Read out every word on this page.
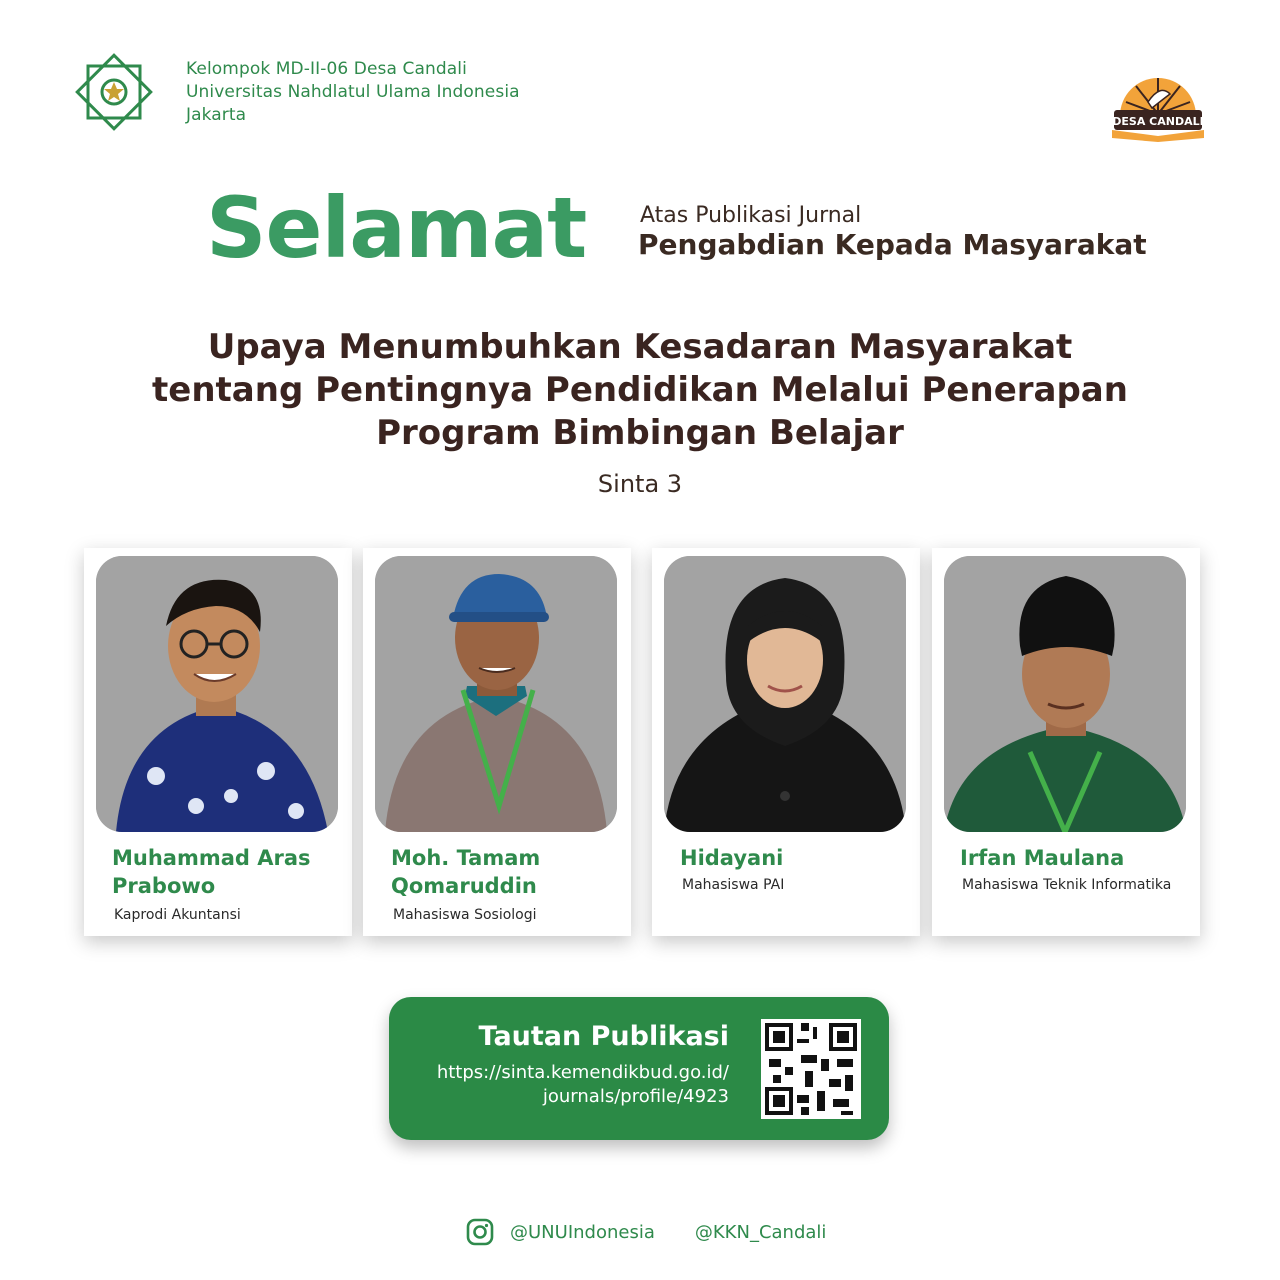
Kelompok MD-II-06 Desa Candali
Universitas Nahdlatul Ulama Indonesia
Jakarta	DESA CANDALI
Selamat Atas Publikasi Jurnal
Pengabdian Kepada Masyarakat
Upaya Menumbuhkan Kesadaran Masyarakat
tentang Pentingnya Pendidikan Melalui Penerapan
Program Bimbingan Belajar
Sinta 3
Muhammad Aras Prabowo
Kaprodi Akuntansi
Moh. Tamam Qomaruddin
Mahasiswa Sosiologi
Hidayani
Mahasiswa PAI
Irfan Maulana
Mahasiswa Teknik Informatika
Tautan Publikasi
https://sinta.kemendikbud.go.id/
journals/profile/4923
@UNUIndonesia @KKN_Candali
